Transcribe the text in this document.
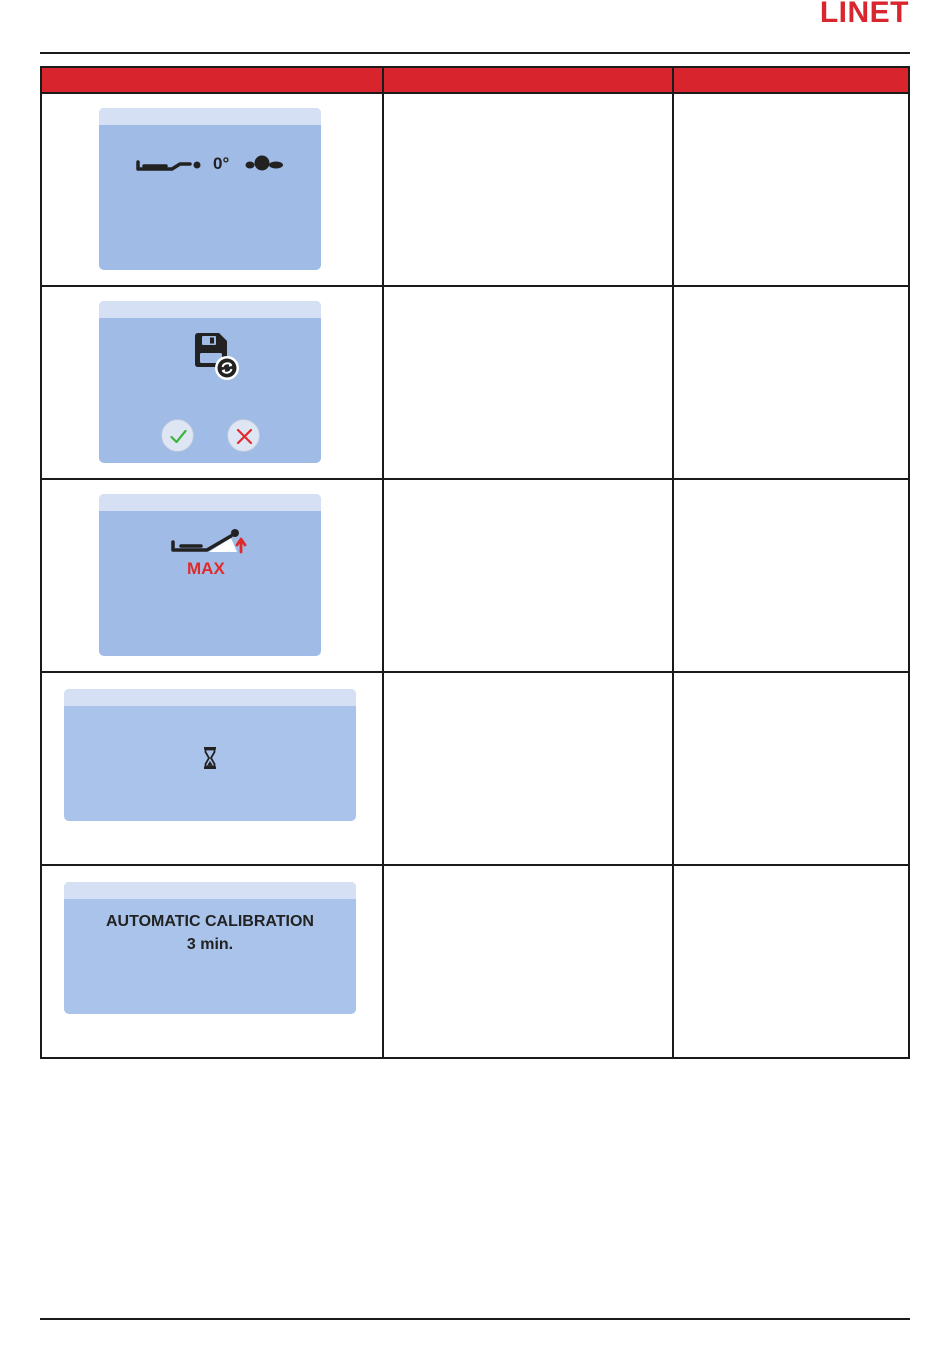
LINET

0°		

MAX		

AUTOMATIC CALIBRATION
3 min.		
